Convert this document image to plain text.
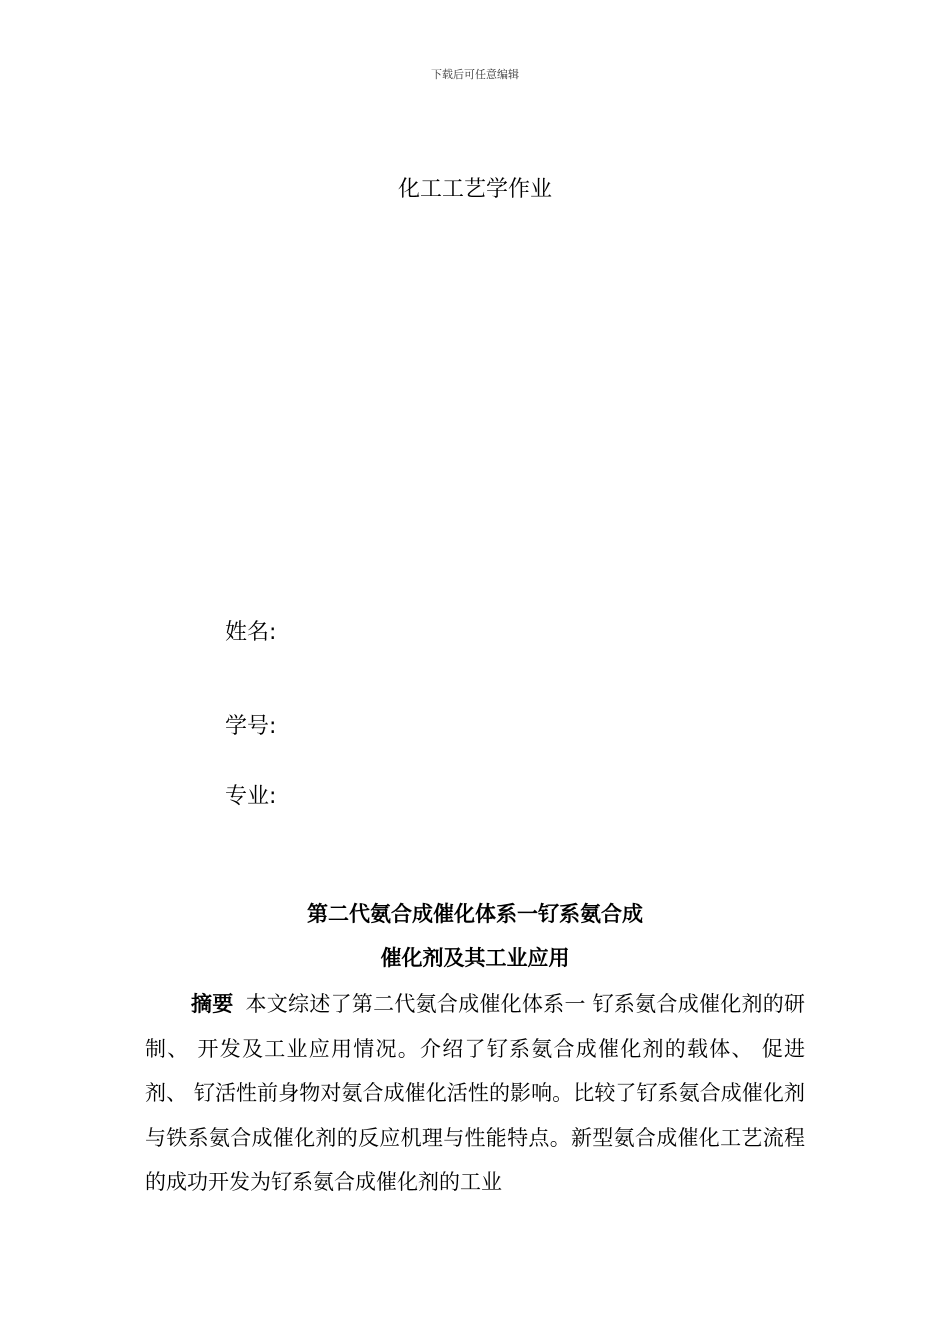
下载后可任意编辑
化工工艺学作业
姓名:
学号:
专业:
第二代氨合成催化体系一钌系氨合成
催化剂及其工业应用

摘要 本文综述了第二代氨合成催化体系一 钌系氨合成催化剂的研制、 开发及工业应用情况。介绍了钌系氨合成催化剂的载体、 促进剂、 钌活性前身物对氨合成催化活性的影响。比较了钌系氨合成催化剂与铁系氨合成催化剂的反应机理与性能特点。新型氨合成催化工艺流程的成功开发为钌系氨合成催化剂的工业
